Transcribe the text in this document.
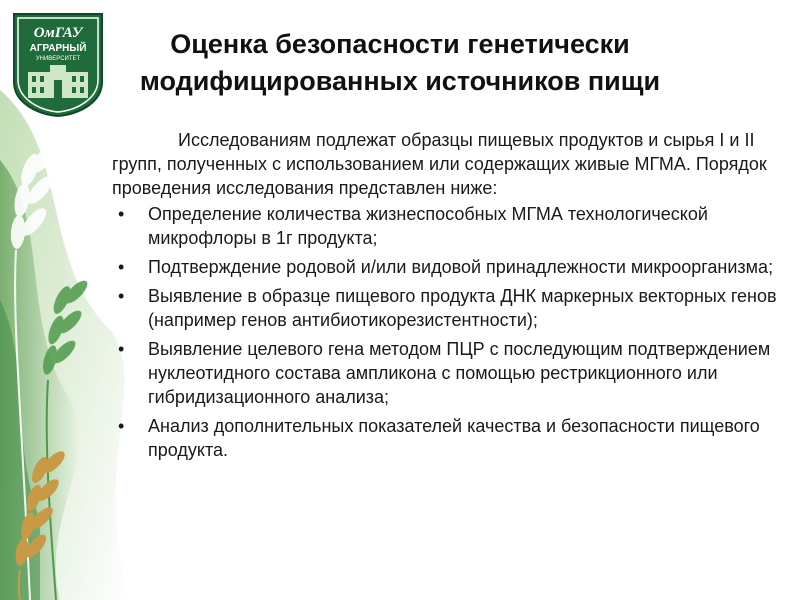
ОмГАУ
АГРАРНЫЙ
УНИВЕРСИТЕТ	Оценка безопасности генетически
модифицированных источников пищи

Исследованиям подлежат образцы пищевых продуктов и сырья I и II групп, полученных с использованием или содержащих живые МГМА. Порядок проведения исследования представлен ниже:

• Определение количества жизнеспособных МГМА технологической микрофлоры в 1г продукта;
• Подтверждение родовой и/или видовой принадлежности микроорганизма;
• Выявление в образце пищевого продукта ДНК маркерных векторных генов (например генов антибиотикорезистентности);
• Выявление целевого гена методом ПЦР с последующим подтверждением нуклеотидного состава ампликона с помощью рестрикционного или гибридизационного анализа;
• Анализ дополнительных показателей качества и безопасности пищевого продукта.
